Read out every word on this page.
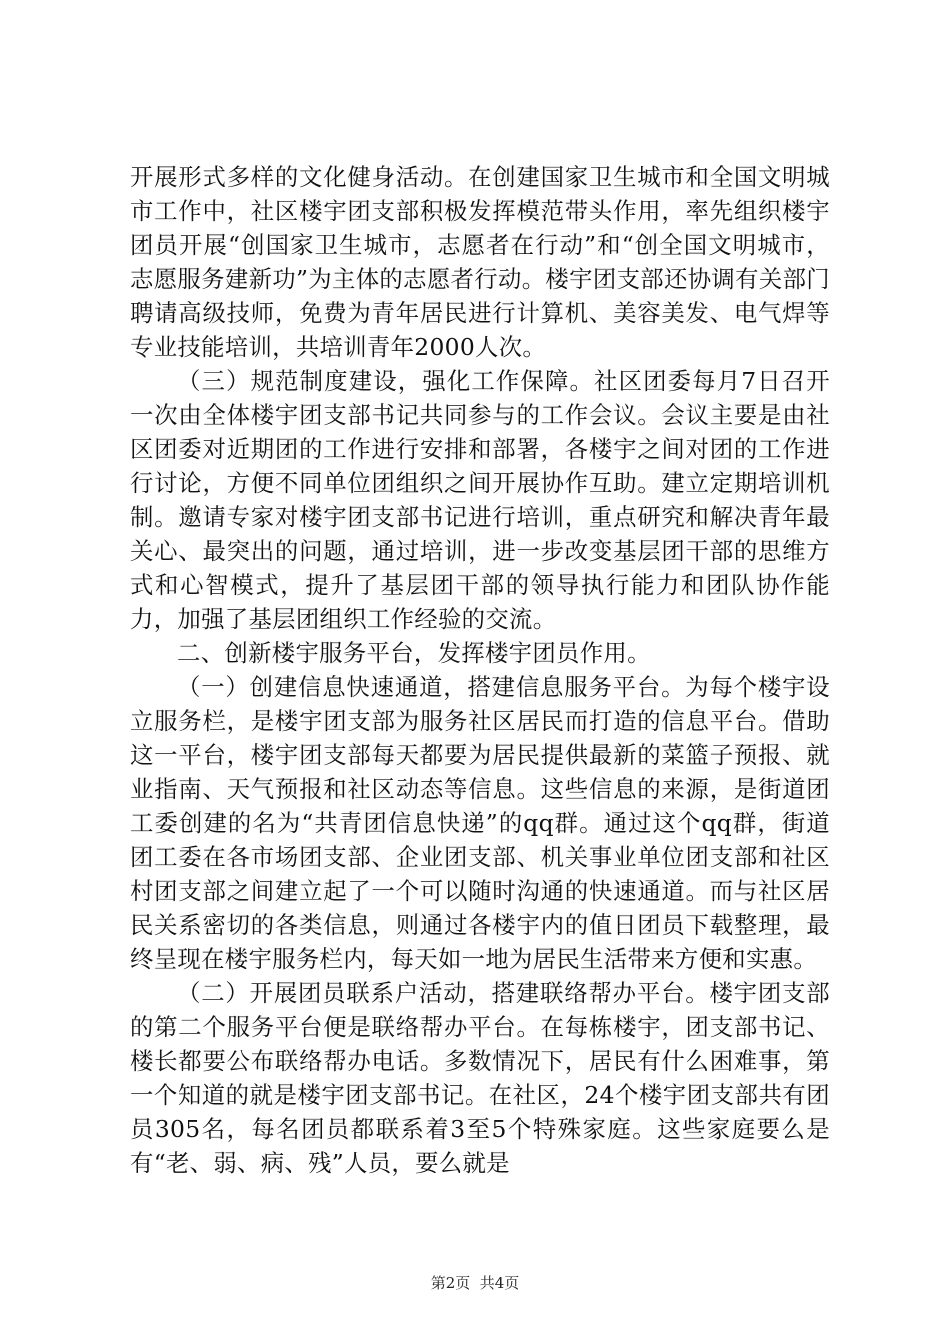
开展形式多样的文化健身活动。在创建国家卫生城市和全国文明城市工作中，社区楼宇团支部积极发挥模范带头作用，率先组织楼宇团员开展“创国家卫生城市，志愿者在行动”和“创全国文明城市，志愿服务建新功”为主体的志愿者行动。楼宇团支部还协调有关部门聘请高级技师，免费为青年居民进行计算机、美容美发、电气焊等专业技能培训，共培训青年2000人次。

（三）规范制度建设，强化工作保障。社区团委每月7日召开一次由全体楼宇团支部书记共同参与的工作会议。会议主要是由社区团委对近期团的工作进行安排和部署，各楼宇之间对团的工作进行讨论，方便不同单位团组织之间开展协作互助。建立定期培训机制。邀请专家对楼宇团支部书记进行培训，重点研究和解决青年最关心、最突出的问题，通过培训，进一步改变基层团干部的思维方式和心智模式，提升了基层团干部的领导执行能力和团队协作能力，加强了基层团组织工作经验的交流。

二、创新楼宇服务平台，发挥楼宇团员作用。

（一）创建信息快速通道，搭建信息服务平台。为每个楼宇设立服务栏，是楼宇团支部为服务社区居民而打造的信息平台。借助这一平台，楼宇团支部每天都要为居民提供最新的菜篮子预报、就业指南、天气预报和社区动态等信息。这些信息的来源，是街道团工委创建的名为“共青团信息快递”的qq群。通过这个qq群，街道团工委在各市场团支部、企业团支部、机关事业单位团支部和社区村团支部之间建立起了一个可以随时沟通的快速通道。而与社区居民关系密切的各类信息，则通过各楼宇内的值日团员下载整理，最终呈现在楼宇服务栏内，每天如一地为居民生活带来方便和实惠。

（二）开展团员联系户活动，搭建联络帮办平台。楼宇团支部的第二个服务平台便是联络帮办平台。在每栋楼宇，团支部书记、楼长都要公布联络帮办电话。多数情况下，居民有什么困难事，第一个知道的就是楼宇团支部书记。在社区，24个楼宇团支部共有团员305名，每名团员都联系着3至5个特殊家庭。这些家庭要么是有“老、弱、病、残”人员，要么就是

第2页  共4页
